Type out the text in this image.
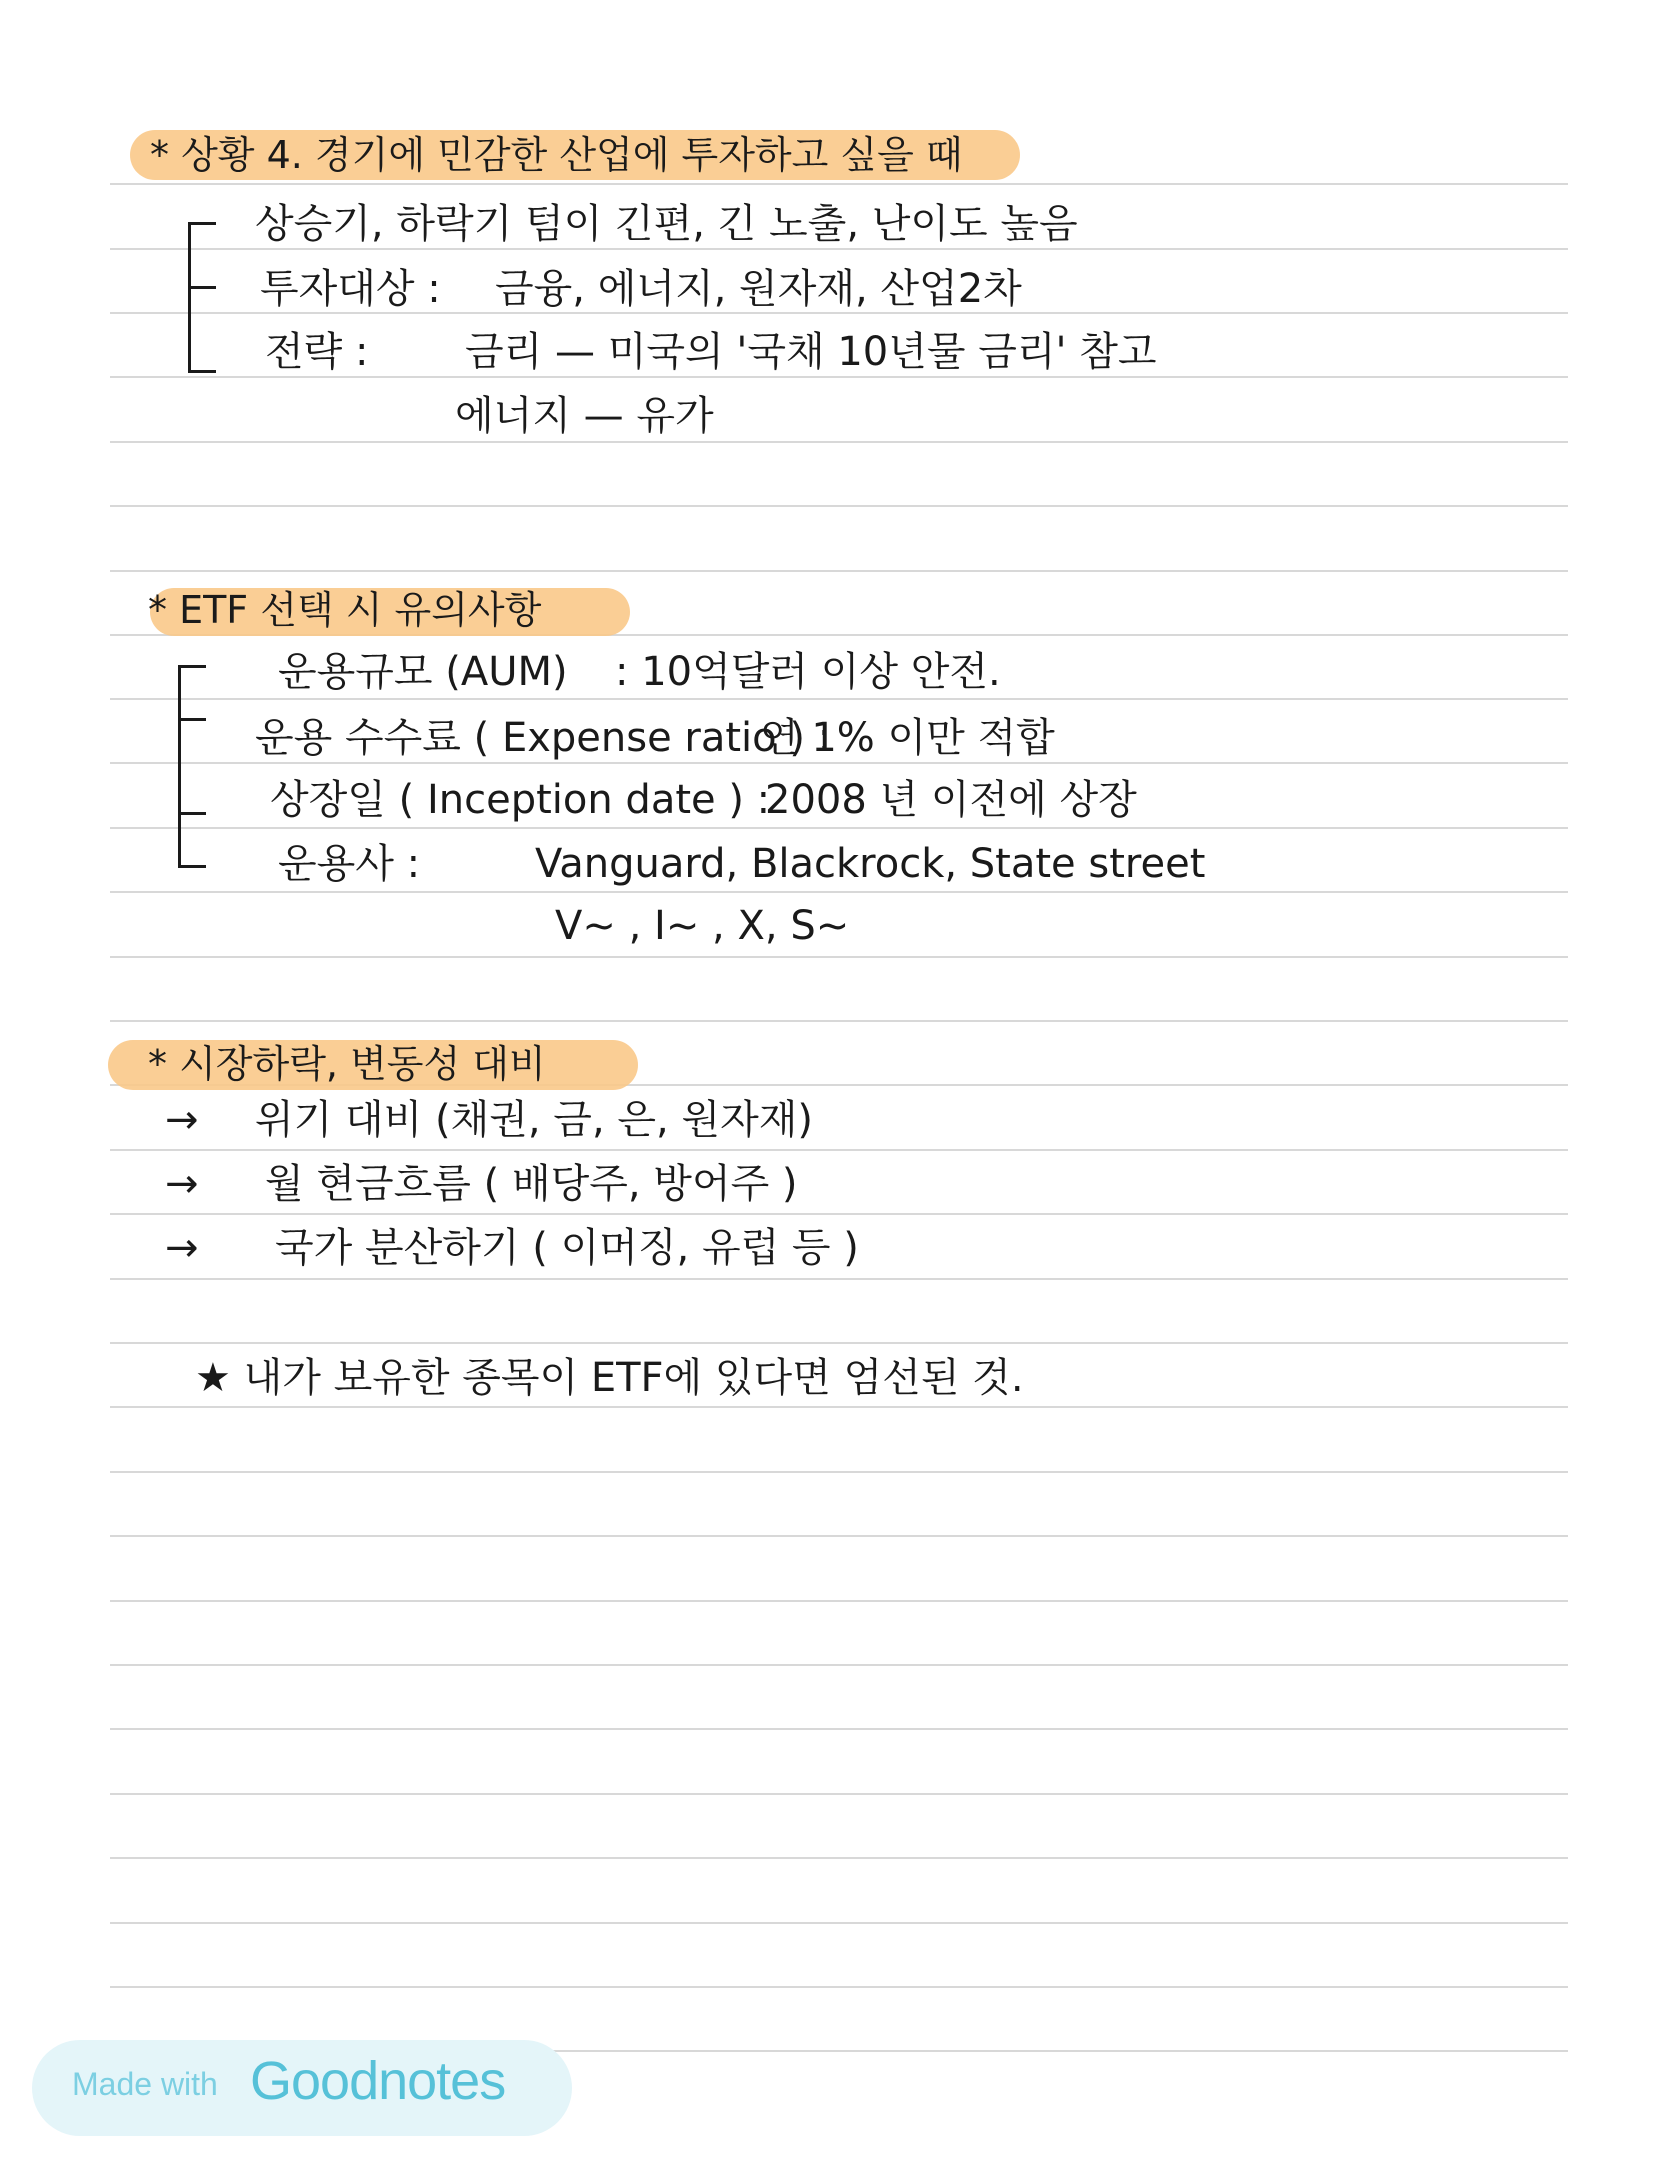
* 상황 4. 경기에 민감한 산업에 투자하고 싶을 때
상승기, 하락기 텀이 긴편, 긴 노출, 난이도 높음
투자대상 : 금융, 에너지, 원자재, 산업2차
전략 : 금리 — 미국의 '국채 10년물 금리' 참고
에너지 — 유가
* ETF 선택 시 유의사항
운용규모 (AUM) : 10억달러 이상 안전.
운용 수수료 ( Expense ratio ) :
연 1% 이만 적합
상장일 ( Inception date ) :
2008 년 이전에 상장
운용사 :	Vanguard, Blackrock, State street
V~ , I~ , X, S~
* 시장하락, 변동성 대비
→ 위기 대비 (채권, 금, 은, 원자재)
→ 월 현금흐름 ( 배당주, 방어주 )
→ 국가 분산하기 ( 이머징, 유럽 등 )
★ 내가 보유한 종목이 ETF에 있다면 엄선된 것.
Made with Goodnotes
